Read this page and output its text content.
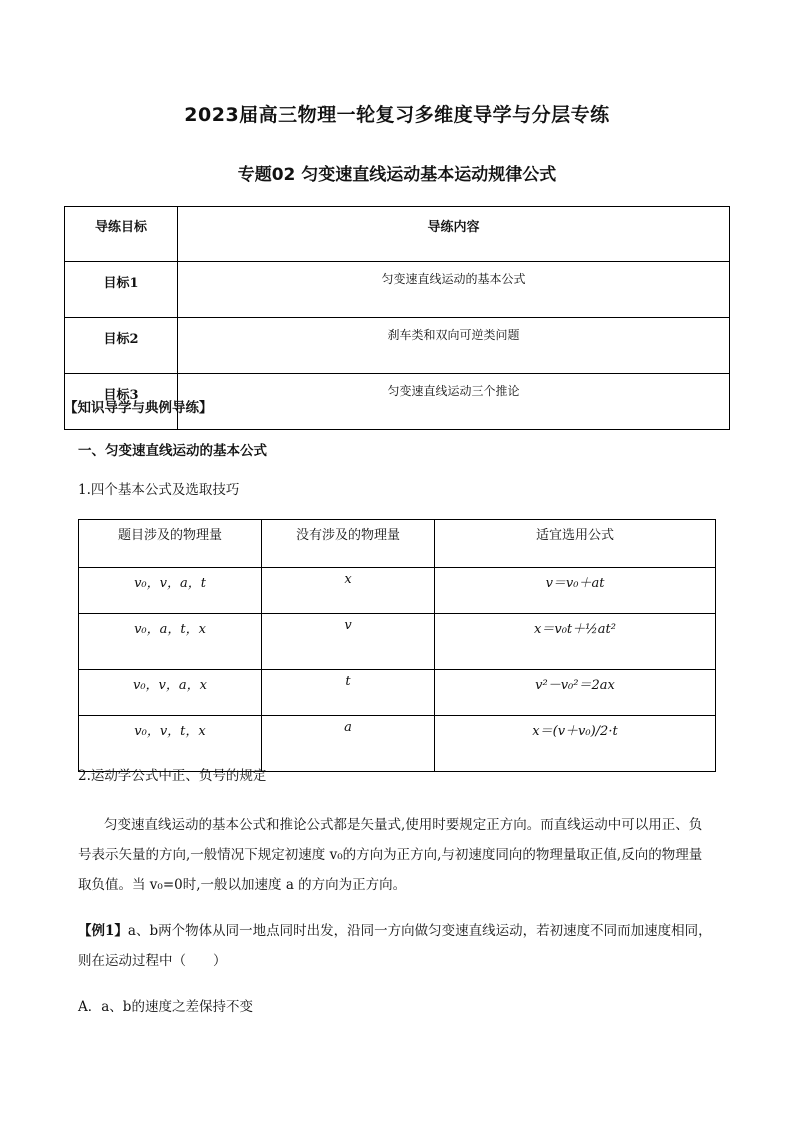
2023届高三物理一轮复习多维度导学与分层专练
专题02 匀变速直线运动基本运动规律公式
导练目标	导练内容
目标1	匀变速直线运动的基本公式
目标2	刹车类和双向可逆类问题
目标3	匀变速直线运动三个推论
【知识导学与典例导练】
一、匀变速直线运动的基本公式
1.四个基本公式及选取技巧
题目涉及的物理量	没有涉及的物理量	适宜选用公式
v₀，v，a，t	x	v＝v₀＋at
v₀，a，t，x	v	x＝v₀t＋½at²
v₀，v，a，x	t	v²－v₀²＝2ax
v₀，v，t，x	a	x＝(v＋v₀)/2·t
2.运动学公式中正、负号的规定
匀变速直线运动的基本公式和推论公式都是矢量式,使用时要规定正方向。而直线运动中可以用正、负
号表示矢量的方向,一般情况下规定初速度 v₀的方向为正方向,与初速度同向的物理量取正值,反向的物理量
取负值。当 v₀=0时,一般以加速度 a 的方向为正方向。
【例1】a、b两个物体从同一地点同时出发，沿同一方向做匀变速直线运动，若初速度不同而加速度相同，
则在运动过程中（　　）
A．a、b的速度之差保持不变
